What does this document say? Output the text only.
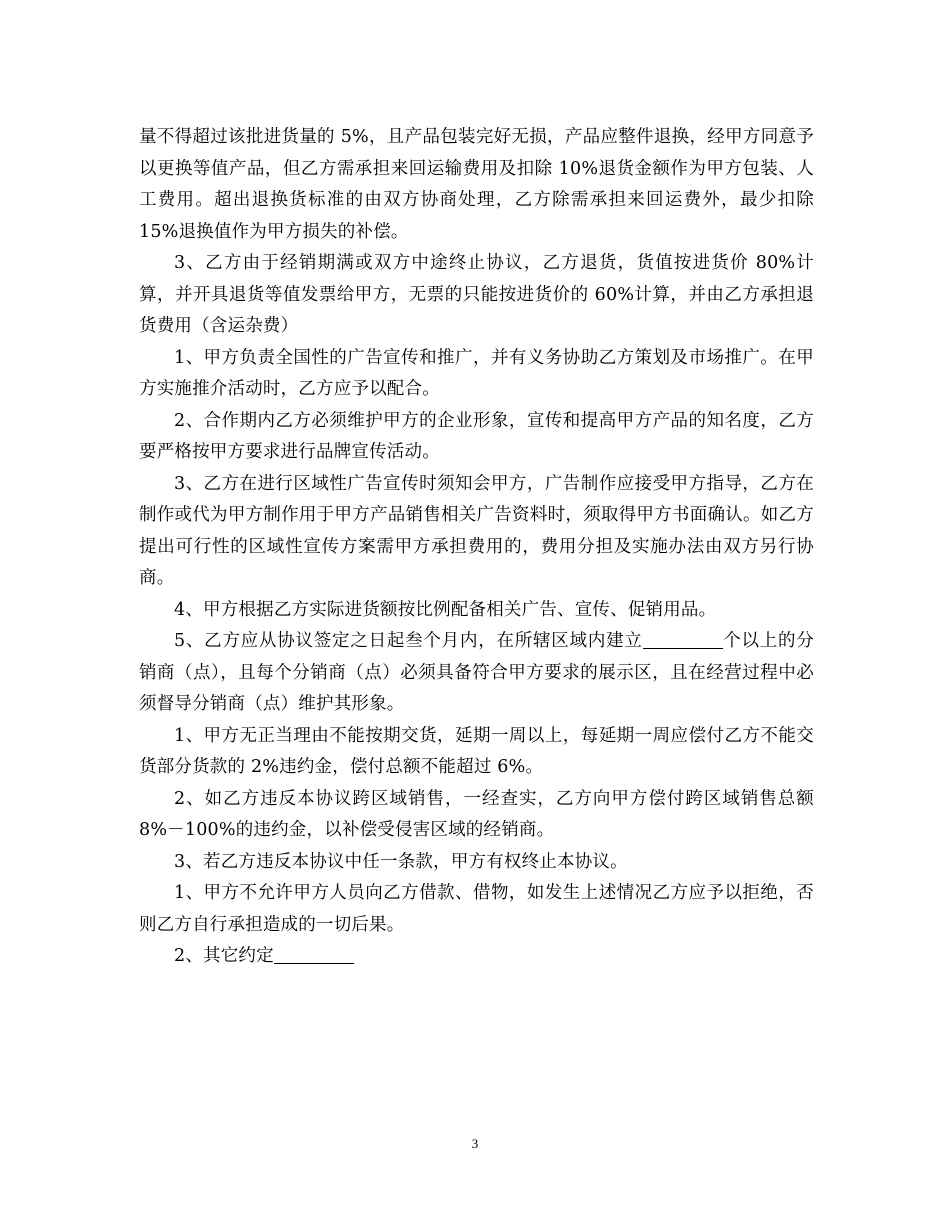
量不得超过该批进货量的 5%，且产品包装完好无损，产品应整件退换，经甲方同意予以更换等值产品，但乙方需承担来回运输费用及扣除 10%退货金额作为甲方包装、人工费用。超出退换货标准的由双方协商处理，乙方除需承担来回运费外，最少扣除 15%退换值作为甲方损失的补偿。

3、乙方由于经销期满或双方中途终止协议，乙方退货，货值按进货价 80%计算，并开具退货等值发票给甲方，无票的只能按进货价的 60%计算，并由乙方承担退货费用（含运杂费）

1、甲方负责全国性的广告宣传和推广，并有义务协助乙方策划及市场推广。在甲方实施推介活动时，乙方应予以配合。

2、合作期内乙方必须维护甲方的企业形象，宣传和提高甲方产品的知名度，乙方要严格按甲方要求进行品牌宣传活动。

3、乙方在进行区域性广告宣传时须知会甲方，广告制作应接受甲方指导，乙方在制作或代为甲方制作用于甲方产品销售相关广告资料时，须取得甲方书面确认。如乙方提出可行性的区域性宣传方案需甲方承担费用的，费用分担及实施办法由双方另行协商。

4、甲方根据乙方实际进货额按比例配备相关广告、宣传、促销用品。

5、乙方应从协议签定之日起叁个月内，在所辖区域内建立	个以上的分销商（点），且每个分销商（点）必须具备符合甲方要求的展示区，且在经营过程中必须督导分销商（点）维护其形象。

1、甲方无正当理由不能按期交货，延期一周以上，每延期一周应偿付乙方不能交货部分货款的 2%违约金，偿付总额不能超过 6%。

2、如乙方违反本协议跨区域销售，一经查实，乙方向甲方偿付跨区域销售总额 8%－100%的违约金，以补偿受侵害区域的经销商。

3、若乙方违反本协议中任一条款，甲方有权终止本协议。

1、甲方不允许甲方人员向乙方借款、借物，如发生上述情况乙方应予以拒绝，否则乙方自行承担造成的一切后果。

2、其它约定

3
